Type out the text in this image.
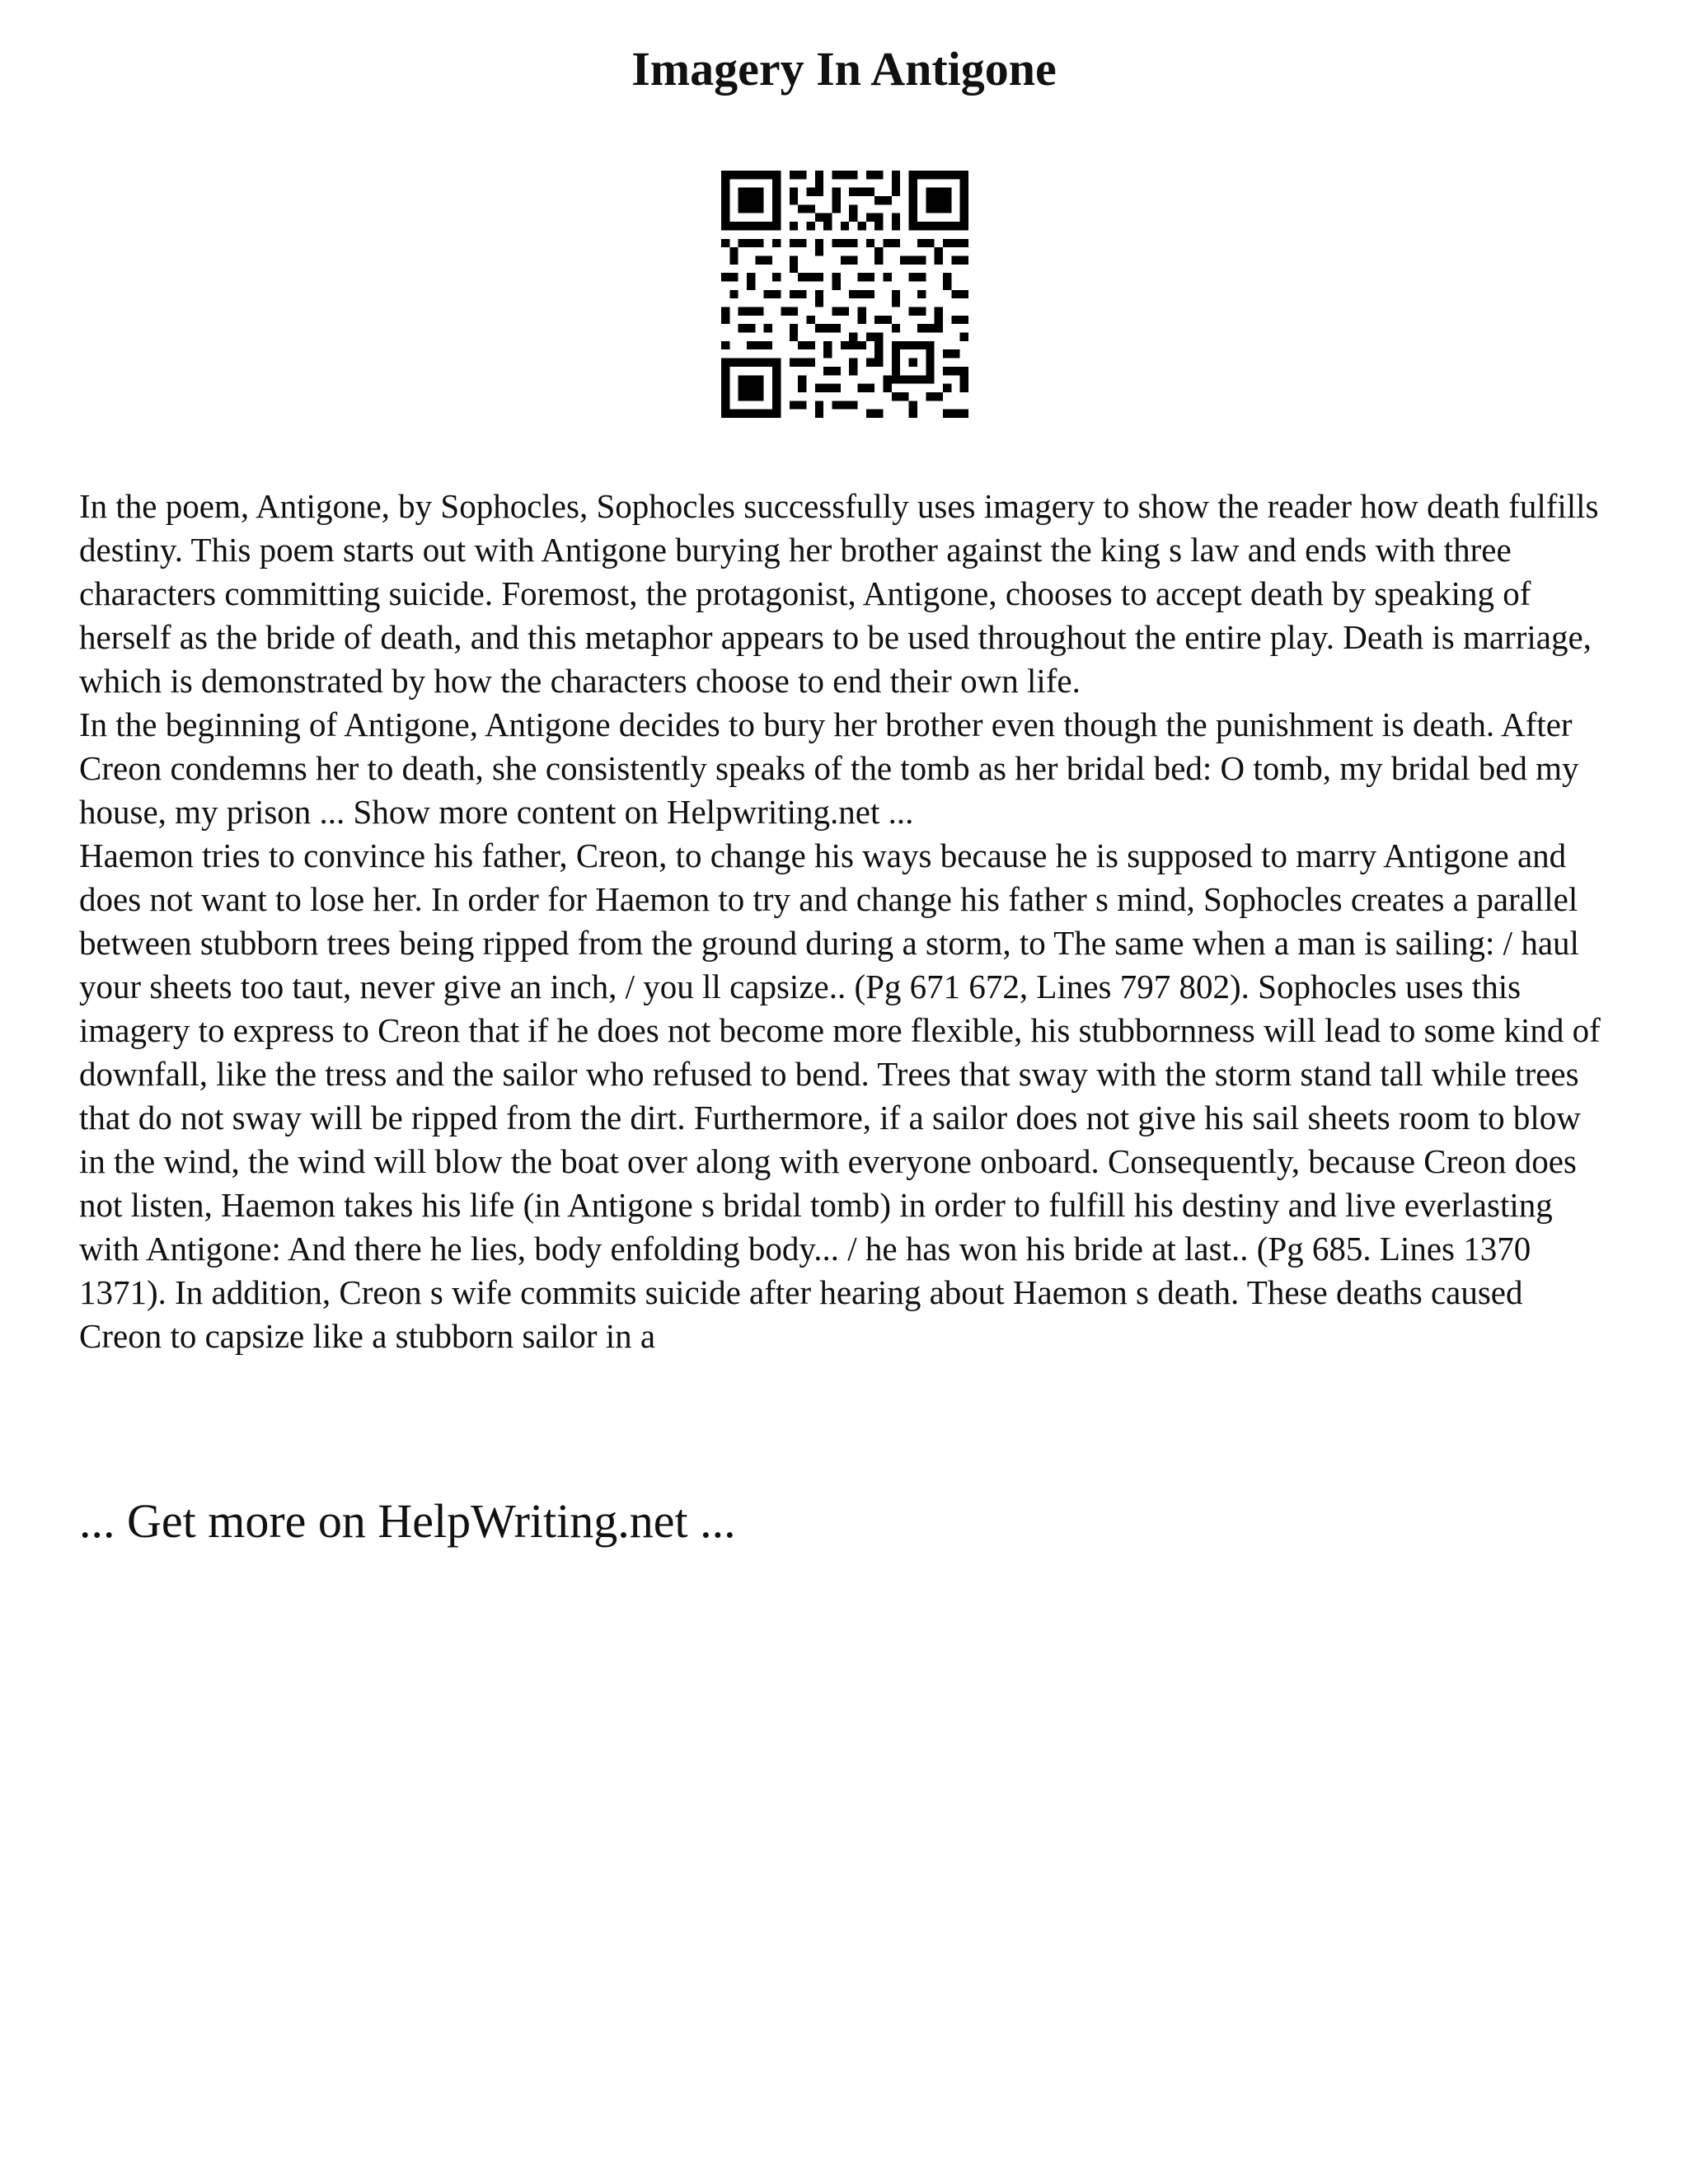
Imagery In Antigone

In the poem, Antigone, by Sophocles, Sophocles successfully uses imagery to show the reader how death fulfills destiny. This poem starts out with Antigone burying her brother against the king s law and ends with three characters committing suicide. Foremost, the protagonist, Antigone, chooses to accept death by speaking of herself as the bride of death, and this metaphor appears to be used throughout the entire play. Death is marriage, which is demonstrated by how the characters choose to end their own life.

In the beginning of Antigone, Antigone decides to bury her brother even though the punishment is death. After Creon condemns her to death, she consistently speaks of the tomb as her bridal bed: O tomb, my bridal bed my house, my prison ... Show more content on Helpwriting.net ...

Haemon tries to convince his father, Creon, to change his ways because he is supposed to marry Antigone and does not want to lose her. In order for Haemon to try and change his father s mind, Sophocles creates a parallel between stubborn trees being ripped from the ground during a storm, to The same when a man is sailing: / haul your sheets too taut, never give an inch, / you ll capsize.. (Pg 671 672, Lines 797 802). Sophocles uses this imagery to express to Creon that if he does not become more flexible, his stubbornness will lead to some kind of downfall, like the tress and the sailor who refused to bend. Trees that sway with the storm stand tall while trees that do not sway will be ripped from the dirt. Furthermore, if a sailor does not give his sail sheets room to blow in the wind, the wind will blow the boat over along with everyone onboard. Consequently, because Creon does not listen, Haemon takes his life (in Antigone s bridal tomb) in order to fulfill his destiny and live everlasting with Antigone: And there he lies, body enfolding body... / he has won his bride at last.. (Pg 685. Lines 1370 1371). In addition, Creon s wife commits suicide after hearing about Haemon s death. These deaths caused Creon to capsize like a stubborn sailor in a

... Get more on HelpWriting.net ...
